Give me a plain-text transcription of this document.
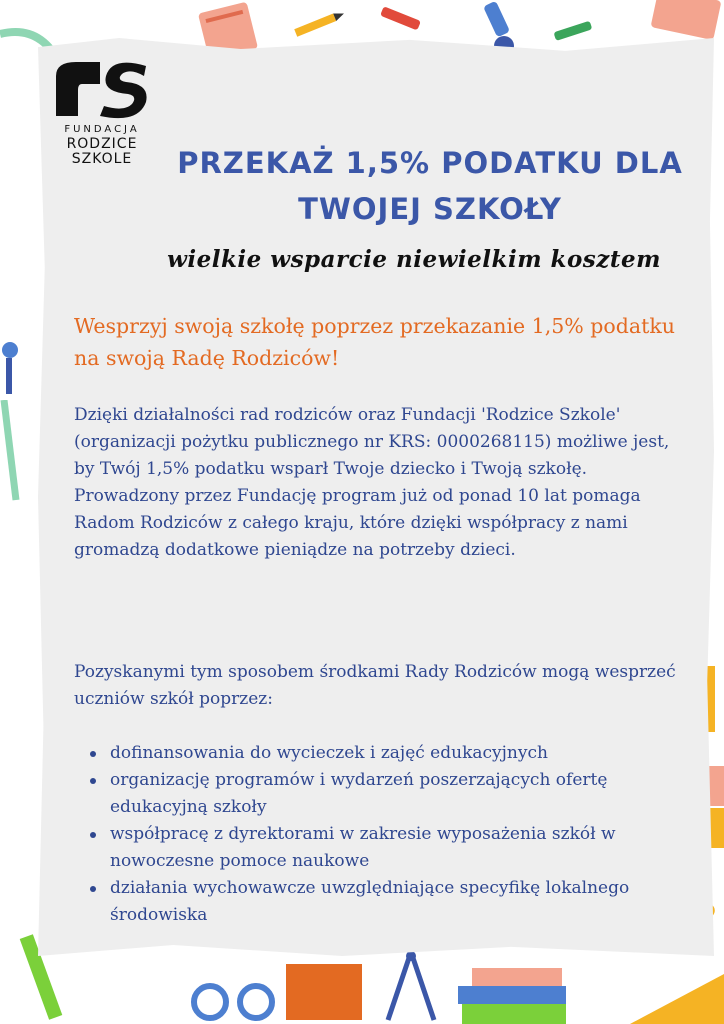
FUNDACJA
RODZICE
SZKOLE	PRZEKAŻ 1,5% PODATKU DLA
TWOJEJ SZKOŁY
wielkie wsparcie niewielkim kosztem

Wesprzyj swoją szkołę poprzez przekazanie 1,5% podatku na swoją Radę Rodziców!

Dzięki działalności rad rodziców oraz Fundacji 'Rodzice Szkole' (organizacji pożytku publicznego nr KRS: 0000268115) możliwe jest, by Twój 1,5% podatku wsparł Twoje dziecko i Twoją szkołę. Prowadzony przez Fundację program już od ponad 10 lat pomaga Radom Rodziców z całego kraju, które dzięki współpracy z nami gromadzą dodatkowe pieniądze na potrzeby dzieci.

Pozyskanymi tym sposobem środkami Rady Rodziców mogą wesprzeć uczniów szkół poprzez:

dofinansowania do wycieczek i zajęć edukacyjnych
organizację programów i wydarzeń poszerzających ofertę edukacyjną szkoły
współpracę z dyrektorami w zakresie wyposażenia szkół w nowoczesne pomoce naukowe
działania wychowawcze uwzględniające specyfikę lokalnego środowiska
